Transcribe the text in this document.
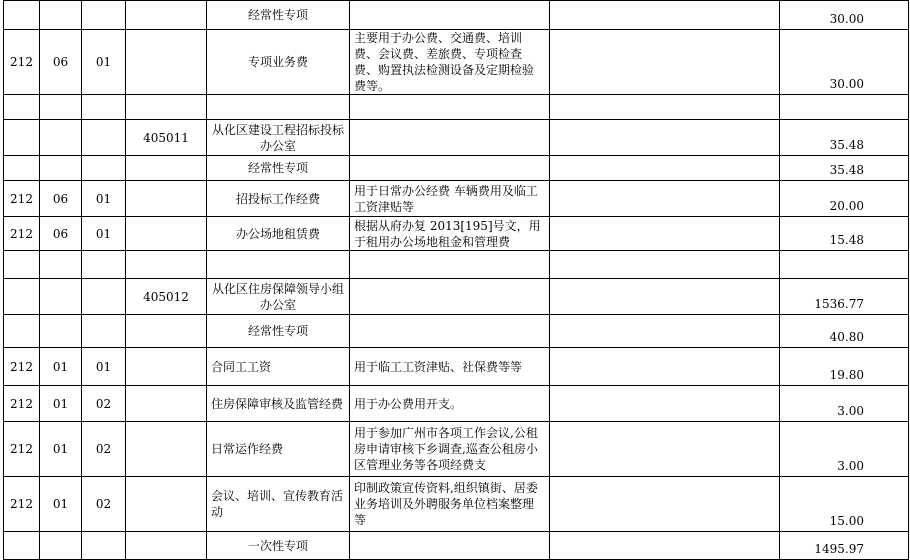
				经常性专项			30.00
212	06	01		专项业务费	主要用于办公费、交通费、培训费、会议费、差旅费、专项检查费、购置执法检测设备及定期检验费等。		30.00

			405011	从化区建设工程招标投标办公室			35.48
				经常性专项			35.48
212	06	01		招投标工作经费	用于日常办公经费 车辆费用及临工工资津贴等		20.00
212	06	01		办公场地租赁费	根据从府办复 2013[195]号文，用于租用办公场地租金和管理费		15.48

			405012	从化区住房保障领导小组办公室			1536.77
				经常性专项			40.80
212	01	01		合同工工资	用于临工工资津贴、社保费等等		19.80
212	01	02		住房保障审核及监管经费	用于办公费用开支。		3.00
212	01	02		日常运作经费	用于参加广州市各项工作会议,公租房申请审核下乡调查,巡查公租房小区管理业务等各项经费支		3.00
212	01	02		会议、培训、宣传教育活动	印制政策宣传资料,组织镇街、居委业务培训及外聘服务单位档案整理等		15.00
				一次性专项			1495.97
